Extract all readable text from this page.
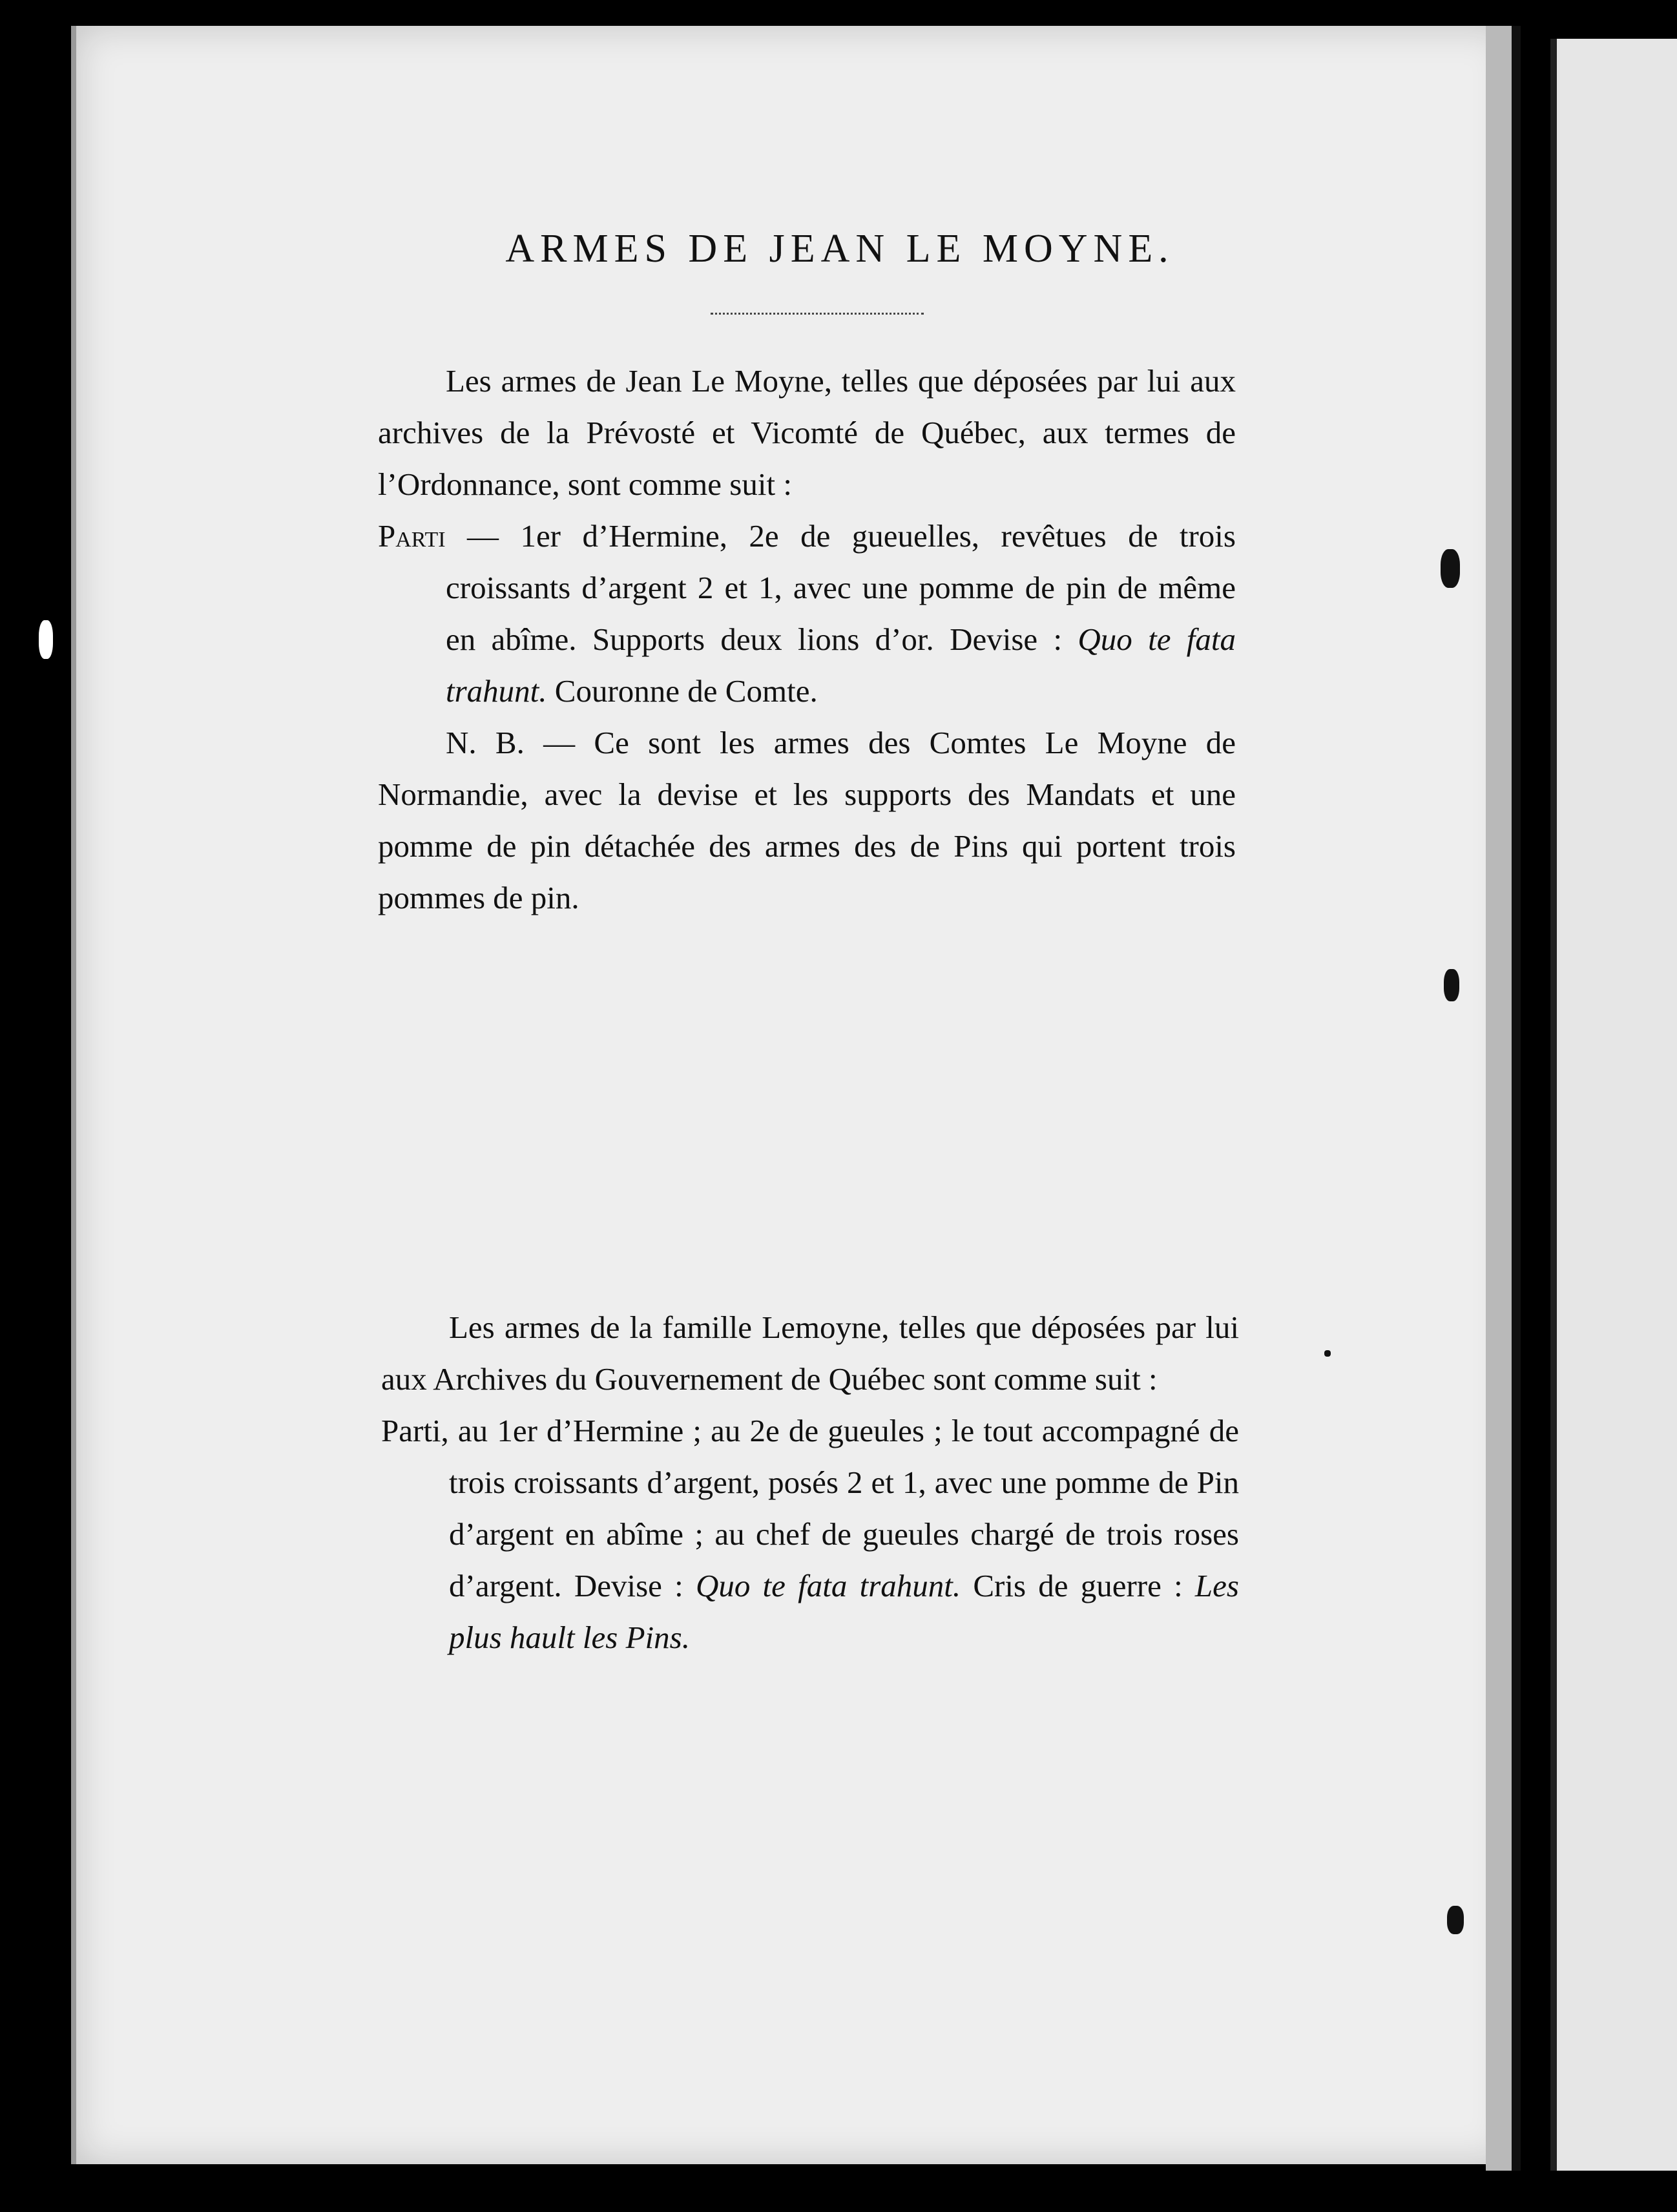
ARMES DE JEAN LE MOYNE.

Les armes de Jean Le Moyne, telles que déposées par lui aux archives de la Prévosté et Vicomté de Québec, aux termes de l’Ordonnance, sont comme suit :

Parti — 1er d’Hermine, 2e de gueuelles, revêtues de trois croissants d’argent 2 et 1, avec une pomme de pin de même en abîme. Supports deux lions d’or. Devise : Quo te fata trahunt. Couronne de Comte.

N. B. — Ce sont les armes des Comtes Le Moyne de Normandie, avec la devise et les supports des Mandats et une pomme de pin détachée des armes des de Pins qui portent trois pommes de pin.

Les armes de la famille Lemoyne, telles que déposées par lui aux Archives du Gouvernement de Québec sont comme suit :

Parti, au 1er d’Hermine ; au 2e de gueules ; le tout accompagné de trois croissants d’argent, posés 2 et 1, avec une pomme de Pin d’argent en abîme ; au chef de gueules chargé de trois roses d’argent. Devise : Quo te fata trahunt. Cris de guerre : Les plus hault les Pins.
